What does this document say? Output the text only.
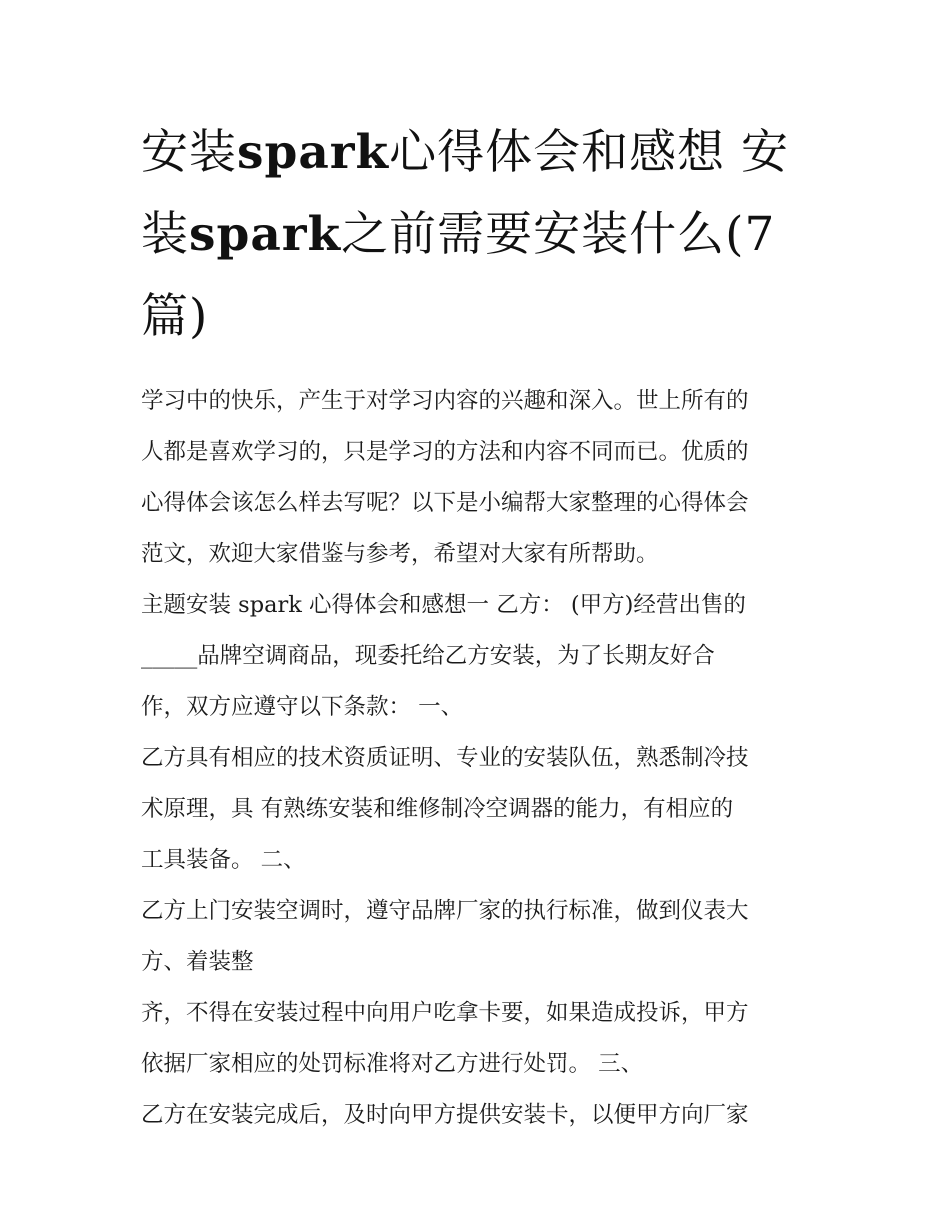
安装spark心得体会和感想 安
装spark之前需要安装什么(7
篇)

学习中的快乐，产生于对学习内容的兴趣和深入。世上所有的
人都是喜欢学习的，只是学习的方法和内容不同而已。优质的
心得体会该怎么样去写呢？以下是小编帮大家整理的心得体会
范文，欢迎大家借鉴与参考，希望对大家有所帮助。

主题安装 spark 心得体会和感想一 乙方： (甲方)经营出售的
_____品牌空调商品，现委托给乙方安装，为了长期友好合
作，双方应遵守以下条款： 一、

乙方具有相应的技术资质证明、专业的安装队伍，熟悉制冷技
术原理，具 有熟练安装和维修制冷空调器的能力，有相应的
工具装备。 二、

乙方上门安装空调时，遵守品牌厂家的执行标准，做到仪表大
方、着装整

齐，不得在安装过程中向用户吃拿卡要，如果造成投诉，甲方
依据厂家相应的处罚标准将对乙方进行处罚。 三、

乙方在安装完成后，及时向甲方提供安装卡，以便甲方向厂家
